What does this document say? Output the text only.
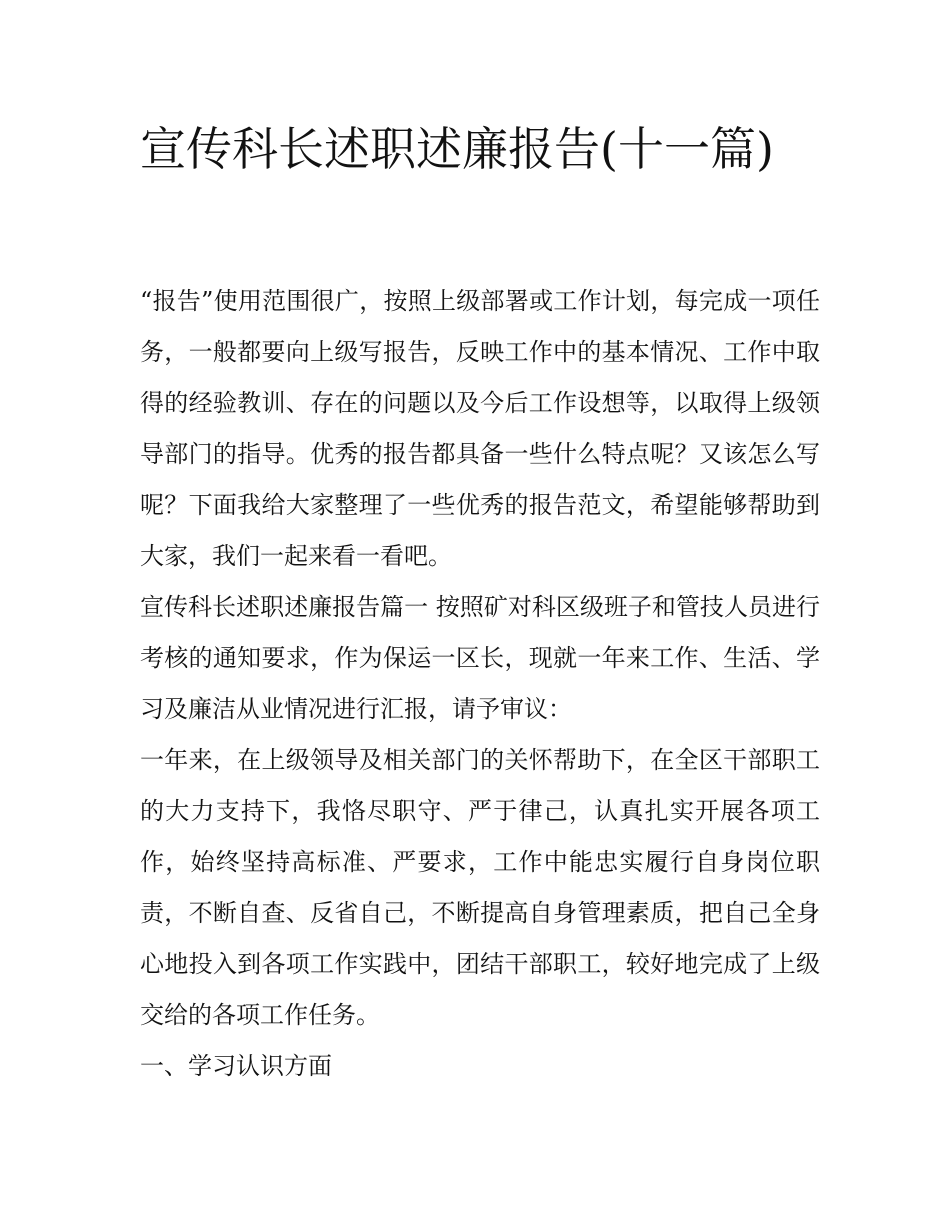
宣传科长述职述廉报告(十一篇)

“报告”使用范围很广，按照上级部署或工作计划，每完成一项任务，一般都要向上级写报告，反映工作中的基本情况、工作中取得的经验教训、存在的问题以及今后工作设想等，以取得上级领导部门的指导。优秀的报告都具备一些什么特点呢？又该怎么写呢？下面我给大家整理了一些优秀的报告范文，希望能够帮助到大家，我们一起来看一看吧。

宣传科长述职述廉报告篇一 按照矿对科区级班子和管技人员进行考核的通知要求，作为保运一区长，现就一年来工作、生活、学习及廉洁从业情况进行汇报，请予审议：

一年来，在上级领导及相关部门的关怀帮助下，在全区干部职工的大力支持下，我恪尽职守、严于律己，认真扎实开展各项工作，始终坚持高标准、严要求，工作中能忠实履行自身岗位职责，不断自查、反省自己，不断提高自身管理素质，把自己全身心地投入到各项工作实践中，团结干部职工，较好地完成了上级交给的各项工作任务。

一、学习认识方面
